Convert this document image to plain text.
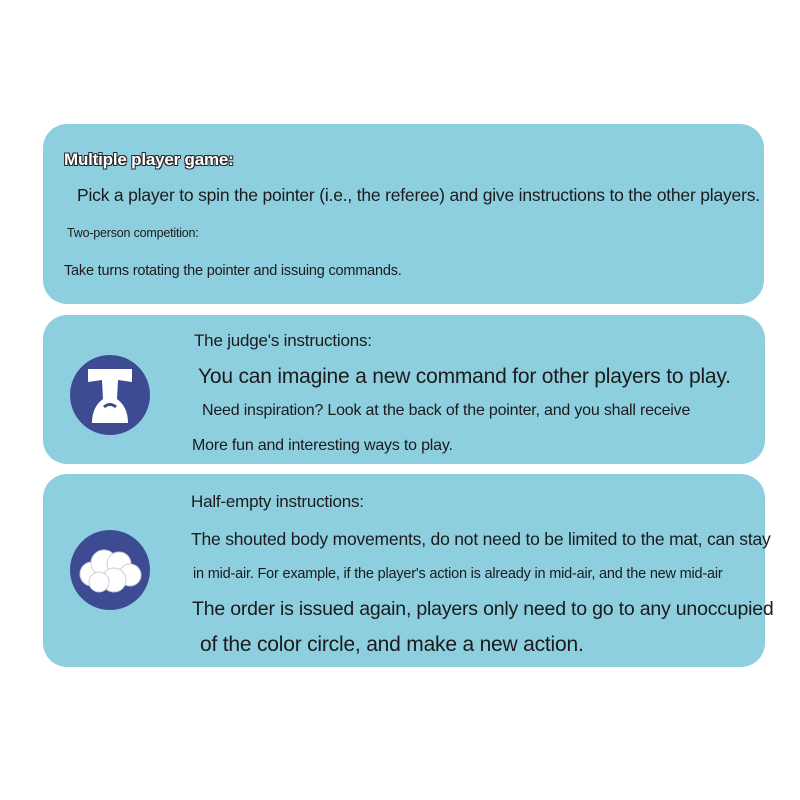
Multiple player game:
Pick a player to spin the pointer (i.e., the referee) and give instructions to the other players.
Two-person competition:
Take turns rotating the pointer and issuing commands.
The judge's instructions:
You can imagine a new command for other players to play.
Need inspiration? Look at the back of the pointer, and you shall receive
More fun and interesting ways to play.
Half-empty instructions:
The shouted body movements, do not need to be limited to the mat, can stay
in mid-air. For example, if the player's action is already in mid-air, and the new mid-air
The order is issued again, players only need to go to any unoccupied
of the color circle, and make a new action.
